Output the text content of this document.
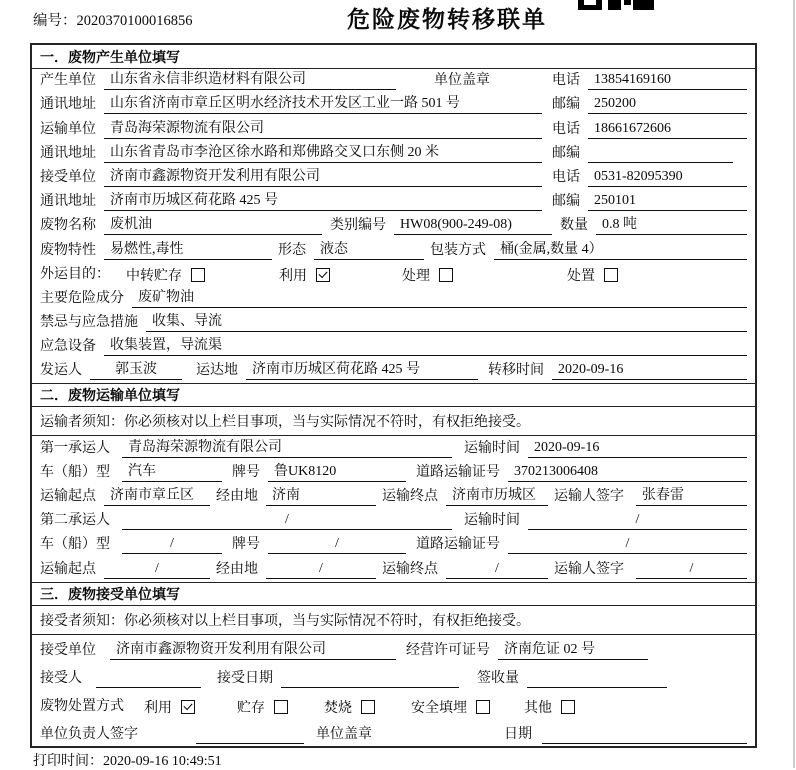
编号：2020370100016856	危险废物转移联单
一．废物产生单位填写
产生单位	山东省永信非织造材料有限公司	单位盖章	电话	13854169160
通讯地址	山东省济南市章丘区明水经济技术开发区工业一路 501 号	邮编	250200
运输单位	青岛海荣源物流有限公司	电话	18661672606
通讯地址	山东省青岛市李沧区徐水路和郑佛路交叉口东侧 20 米	邮编
接受单位	济南市鑫源物资开发利用有限公司	电话	0531-82095390
通讯地址	济南市历城区荷花路 425 号	邮编	250101
废物名称	废机油	类别编号	HW08(900-249-08)	数量	0.8 吨
废物特性	易燃性,毒性	形态	液态	包装方式	桶(金属,数量 4）
外运目的：	中转贮存	利用	处理	处置
主要危险成分	废矿物油
禁忌与应急措施	收集、导流
应急设备	收集装置，导流渠
发运人	郭玉波	运达地	济南市历城区荷花路 425 号	转移时间	2020-09-16
二．废物运输单位填写
运输者须知：你必须核对以上栏目事项，当与实际情况不符时，有权拒绝接受。
第一承运人	青岛海荣源物流有限公司	运输时间	2020-09-16
车（船）型	汽车	牌号	鲁UK8120	道路运输证号	370213006408
运输起点	济南市章丘区	经由地	济南	运输终点	济南市历城区	运输人签字	张春雷
第二承运人	/	运输时间	/
车（船）型	/	牌号	/	道路运输证号	/
运输起点	/	经由地	/	运输终点	/	运输人签字	/
三．废物接受单位填写
接受者须知：你必须核对以上栏目事项，当与实际情况不符时，有权拒绝接受。
接受单位	济南市鑫源物资开发利用有限公司	经营许可证号	济南危证 02 号
接受人	接受日期	签收量
废物处置方式 利用	贮存	焚烧	安全填埋	其他
单位负责人签字	单位盖章	日期
打印时间：2020-09-16 10:49:51
